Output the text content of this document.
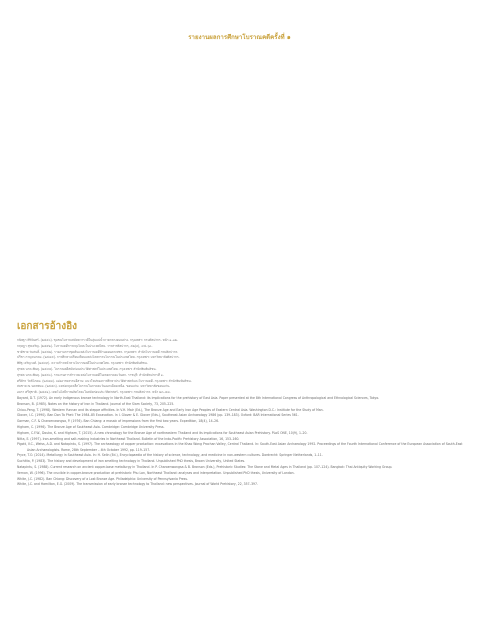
รายงานผลการศึกษาโบราณคดีครั้งที่ ๑
เอกสารอ้างอิง

กนิษฐา ศิริจันทร์. (๒๕๕๐). ชุมชนโบราณสมัยทวารวดีในลุ่มแม่น้ำภาคกลางตอนล่าง. กรุงเทพฯ: กรมศิลปากร. หน้า ๑–๑๒.

กฤษฎา สุขเจริญ. (๒๕๕๒). โบราณคดีการถลุงโลหะในประเทศไทย. วารสารศิลปากร, ๕๒(๓), ๔๕–๖๐.

ชาติชาย ร่มสนธิ์. (๒๕๕๒). รายงานการขุดค้นแหล่งโบราณคดีบ้านดอนตาเพชร. กรุงเทพฯ: สำนักโบราณคดี กรมศิลปากร.

ปรีชา กาญจนาคม. (๒๕๔๕). การศึกษาเปรียบเทียบแหล่งโลหกรรมโบราณในประเทศไทย. กรุงเทพฯ: มหาวิทยาลัยศิลปากร.

พิสิฐ เจริญวงศ์. (๒๕๔๙). ความก้าวหน้าทางโบราณคดีในประเทศไทย. กรุงเทพฯ: สำนักพิมพ์มติชน.

สุรพล นาถะพินธุ. (๒๕๔๔). โบราณคดีสมัยก่อนประวัติศาสตร์ในประเทศไทย. กรุงเทพฯ: สำนักพิมพ์มติชน.

สุรพล นาถะพินธุ. (๒๕๕๐). รายงานการสำรวจแหล่งโบราณคดีในเขตภาคตะวันตก. ราชบุรี: สำนักศิลปากรที่ ๑.

ศรีศักร วัลลิโภดม. (๒๕๔๗). แอ่งอารยธรรมอีสาน: แนวใหม่ของการศึกษาประวัติศาสตร์และโบราณคดี. กรุงเทพฯ: สำนักพิมพ์มติชน.

สมชาย ณ นครพนม. (๒๕๕๓). แหล่งถลุงเหล็กโบราณในภาคตะวันออกเฉียงเหนือ. ขอนแก่น: มหาวิทยาลัยขอนแก่น.

อมรา ศรีสุชาติ. (๒๕๕๑). เทคโนโลยีการผลิตโลหะในสมัยก่อนประวัติศาสตร์. กรุงเทพฯ: กรมศิลปากร. หน้า ๒๓–๔๘.

Bayard, D.T. (1972). An early indigenous bronze technology in North-East Thailand: its implications for the prehistory of East Asia. Paper presented at the 8th International Congress of Anthropological and Ethnological Sciences, Tokyo.

Bronson, B. (1985). Notes on the history of iron in Thailand. Journal of the Siam Society, 73, 205–225.

Chiou-Peng, T. (1998). Western Yunnan and its steppe affinities. In V.H. Mair (Ed.), The Bronze Age and Early Iron Age Peoples of Eastern Central Asia. Washington D.C.: Institute for the Study of Man.

Glover, I.C. (1990). Ban Don Ta Phet: The 1984–85 Excavation. In I. Glover & E. Glover (Eds.), Southeast Asian Archaeology 1986 (pp. 139–183). Oxford: BAR International Series 561.

Gorman, C.F. & Charoenwongsa, P. (1976). Ban Chiang: a mosaic of impressions from the first two years. Expedition, 18(4), 14–26.

Higham, C. (1996). The Bronze Age of Southeast Asia. Cambridge: Cambridge University Press.

Higham, C.F.W., Douka, K. and Higham, T. (2015). A new chronology for the Bronze Age of northeastern Thailand and its implications for Southeast Asian Prehistory. PLoS ONE, 10(9), 1–20.

Nitta, E. (1997). Iron-smelting and salt-making industries in Northeast Thailand. Bulletin of the Indo-Pacific Prehistory Association, 16, 153–160.

Pigott, V.C., Weiss, A.D. and Natapintu, S. (1997). The archaeology of copper production: excavations in the Khao Wong Prachan Valley, Central Thailand. In: South-East Asian Archaeology 1992. Proceedings of the Fourth International Conference of the European Association of South-East Asian Archaeologists. Rome, 28th September – 4th October 1992, pp. 119–157.

Pryce, T.O. (2014). Metallurgy in Southeast Asia. In: H. Selin (Ed.), Encyclopaedia of the history of science, technology, and medicine in non-western cultures. Dordrecht: Springer Netherlands, 1–11.

Suchitta, P. (1983). The history and development of iron smelting technology in Thailand. Unpublished PhD thesis, Brown University, United States.

Natapintu, S. (1988). Current research on ancient copper-base metallurgy in Thailand. In P. Charoenwongsa & B. Bronson (Eds.), Prehistoric Studies: The Stone and Metal Ages in Thailand (pp. 107–124). Bangkok: Thai Antiquity Working Group.

Vernon, W. (1996). The crucible in copper-bronze production at prehistoric Phu Lon, Northeast Thailand: analyses and interpretation. Unpublished PhD thesis, University of London.

White, J.C. (1982). Ban Chiang: Discovery of a Lost Bronze Age. Philadelphia: University of Pennsylvania Press.

White, J.C. and Hamilton, E.G. (2009). The transmission of early bronze technology to Thailand: new perspectives. Journal of World Prehistory, 22, 357–397.
